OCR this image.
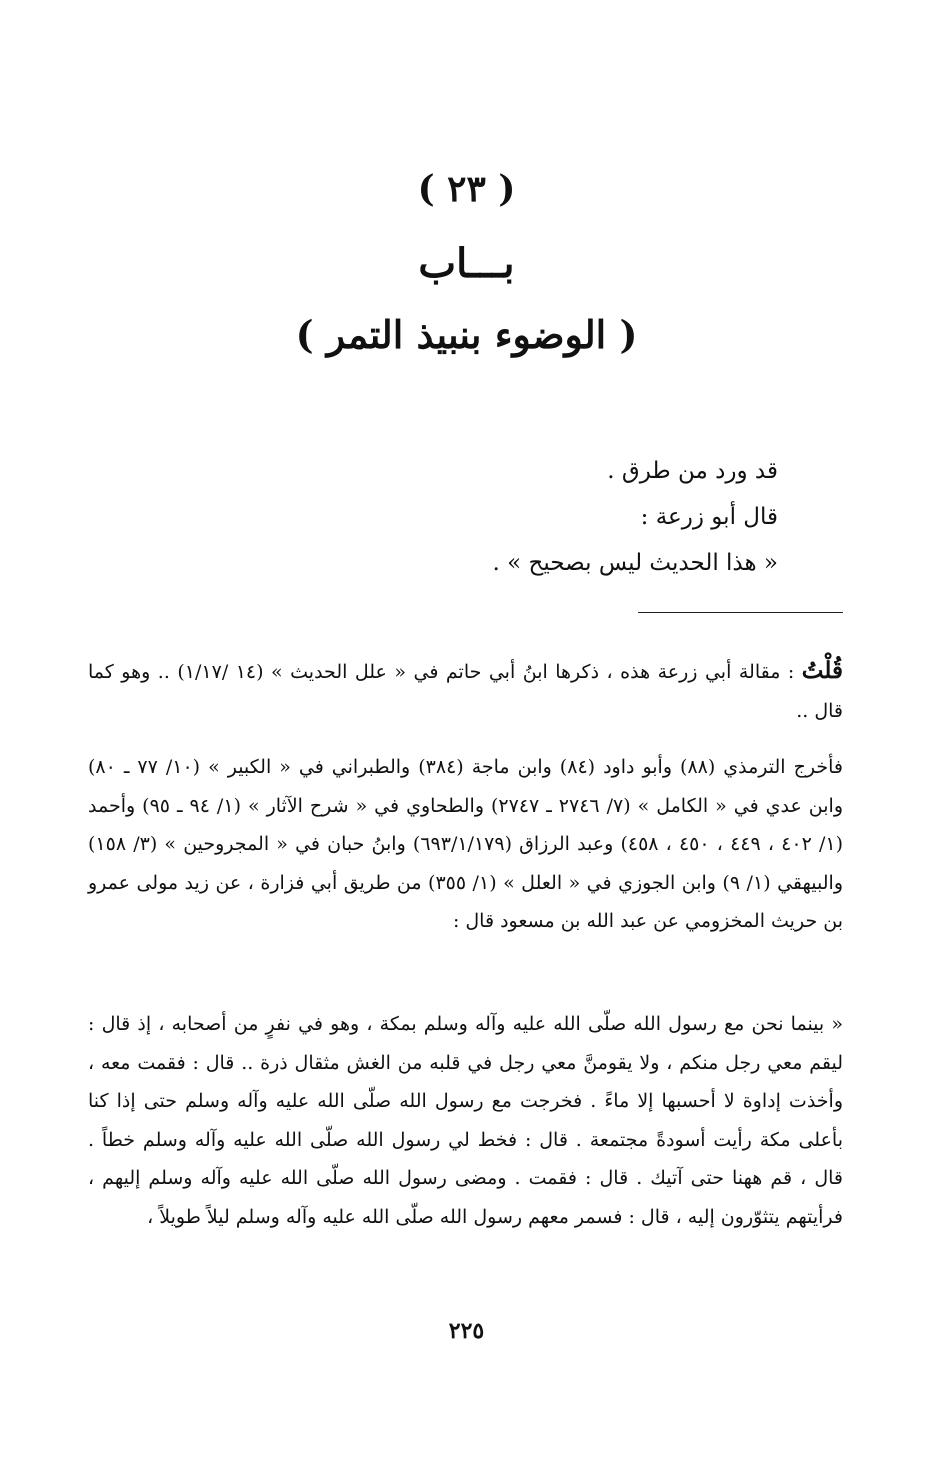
( ٢٣ )
بـــاب
( الوضوء بنبيذ التمر )
قد ورد من طرق .
قال أبو زرعة :
« هذا الحديث ليس بصحيح » .
قُلْتُ : مقالة أبي زرعة هذه ، ذكرها ابنُ أبي حاتم في « علل الحديث » (١٤ /١/١٧) .. وهو كما قال ..
فأخرج الترمذي (٨٨) وأبو داود (٨٤) وابن ماجة (٣٨٤) والطبراني في « الكبير » (١٠/ ٧٧ ـ ٨٠) وابن عدي في « الكامل » (٧/ ٢٧٤٦ ـ ٢٧٤٧) والطحاوي في « شرح الآثار » (١/ ٩٤ ـ ٩٥) وأحمد (١/ ٤٠٢ ، ٤٤٩ ، ٤٥٠ ، ٤٥٨) وعبد الرزاق (٦٩٣/١/١٧٩) وابنُ حبان في « المجروحين » (٣/ ١٥٨) والبيهقي (١/ ٩) وابن الجوزي في « العلل » (١/ ٣٥٥) من طريق أبي فزارة ، عن زيد مولى عمرو بن حريث المخزومي عن عبد الله بن مسعود قال :
« بينما نحن مع رسول الله صلّى الله عليه وآله وسلم بمكة ، وهو في نفرٍ من أصحابه ، إذ قال : ليقم معي رجل منكم ، ولا يقومنَّ معي رجل في قلبه من الغش مثقال ذرة .. قال : فقمت معه ، وأخذت إداوة لا أحسبها إلا ماءً . فخرجت مع رسول الله صلّى الله عليه وآله وسلم حتى إذا كنا بأعلى مكة رأيت أسودةً مجتمعة . قال : فخط لي رسول الله صلّى الله عليه وآله وسلم خطاً . قال ، قم ههنا حتى آتيك . قال : فقمت . ومضى رسول الله صلّى الله عليه وآله وسلم إليهم ، فرأيتهم يتثوّرون إليه ، قال : فسمر معهم رسول الله صلّى الله عليه وآله وسلم ليلاً طويلاً ،
٢٢٥
